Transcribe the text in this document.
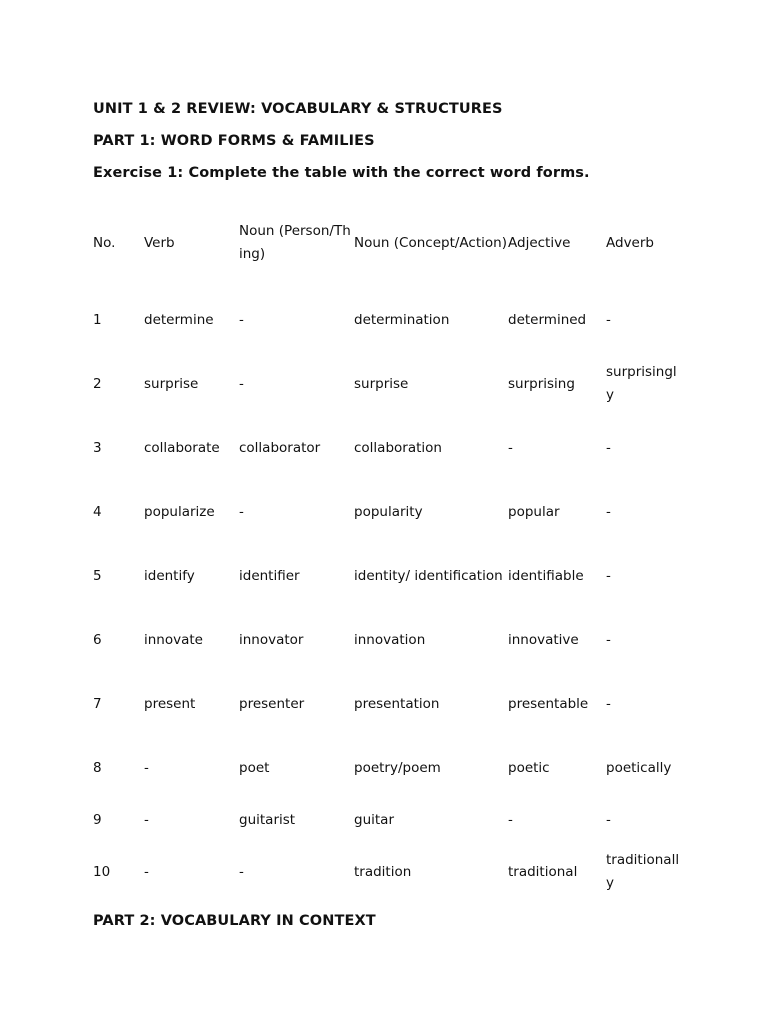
UNIT 1 & 2 REVIEW: VOCABULARY & STRUCTURES
PART 1: WORD FORMS & FAMILIES
Exercise 1: Complete the table with the correct word forms.
No.	Verb	Noun (Person/Thing)	Noun (Concept/Action)	Adjective	Adverb
1	determine	-	determination	determined	-
2	surprise	-	surprise	surprising	surprisingly
3	collaborate	collaborator	collaboration	-	-
4	popularize	-	popularity	popular	-
5	identify	identifier	identity/ identification	identifiable	-
6	innovate	innovator	innovation	innovative	-
7	present	presenter	presentation	presentable	-
8	-	poet	poetry/poem	poetic	poetically
9	-	guitarist	guitar	-	-
10	-	-	tradition	traditional	traditionally
PART 2: VOCABULARY IN CONTEXT
